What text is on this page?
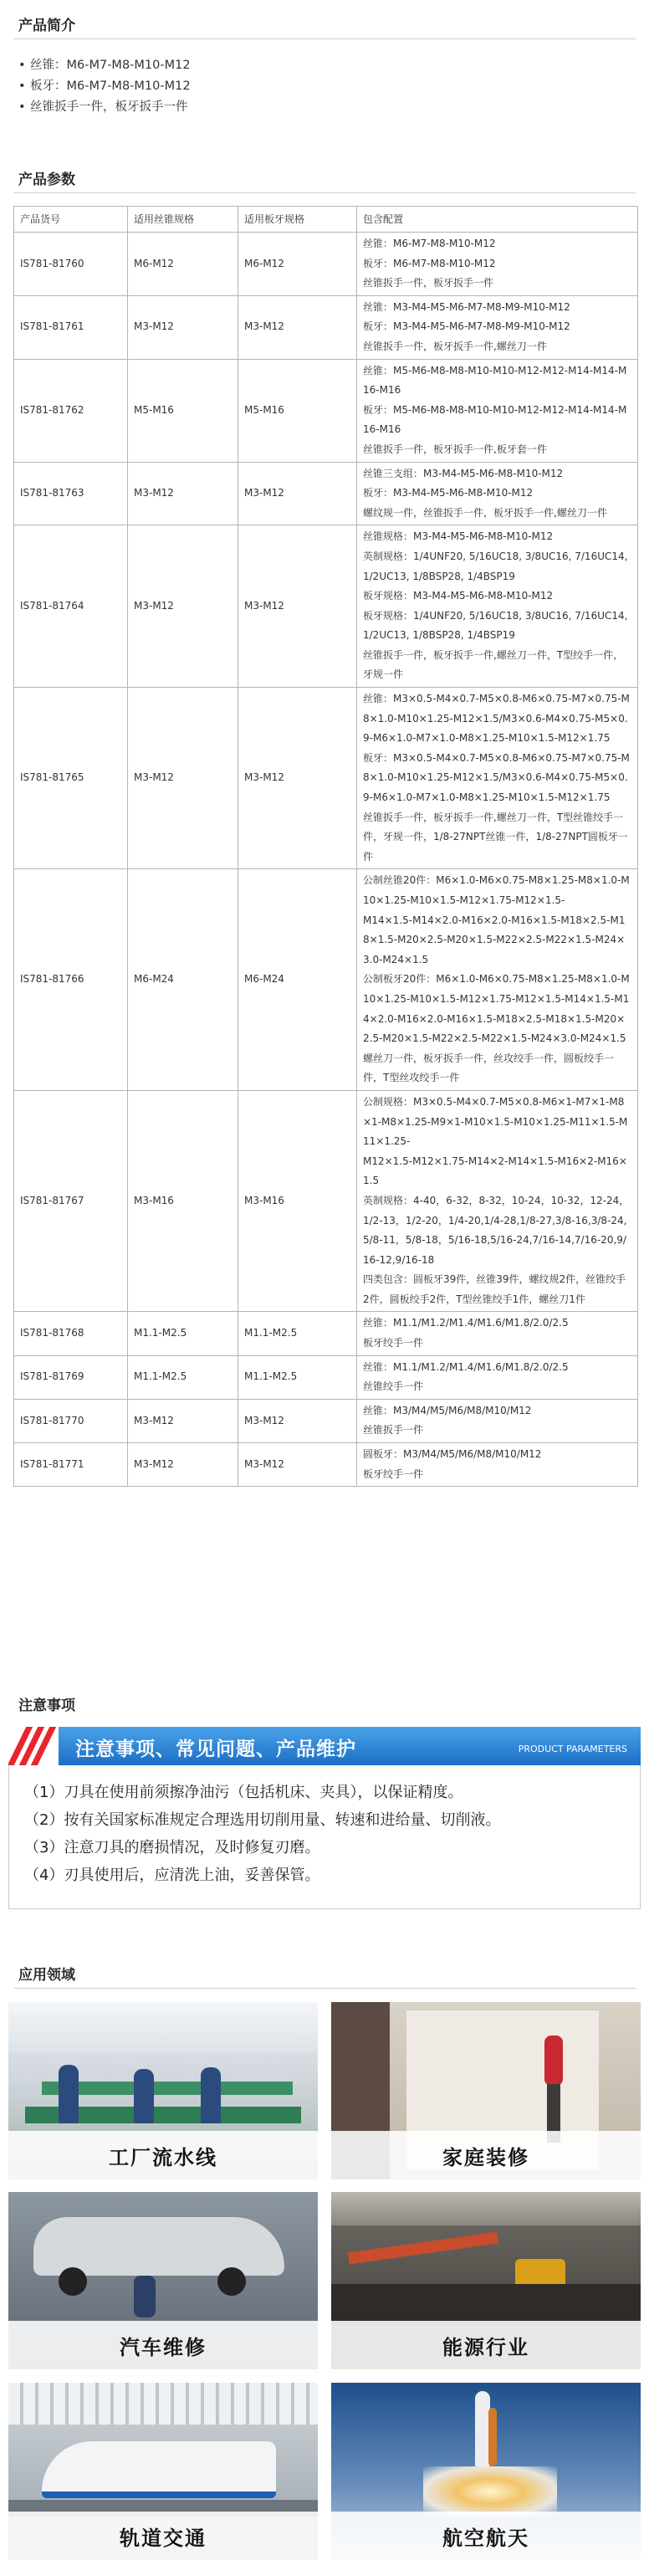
产品简介
• 丝锥：M6-M7-M8-M10-M12
• 板牙：M6-M7-M8-M10-M12
• 丝锥扳手一件，板牙扳手一件
产品参数
产品货号	适用丝锥规格	适用板牙规格	包含配置
IS781-81760	M6-M12	M6-M12	丝锥：M6-M7-M8-M10-M12
板牙：M6-M7-M8-M10-M12
丝锥扳手一件，板牙扳手一件
IS781-81761	M3-M12	M3-M12	丝锥：M3-M4-M5-M6-M7-M8-M9-M10-M12
板牙：M3-M4-M5-M6-M7-M8-M9-M10-M12
丝锥扳手一件，板牙扳手一件,螺丝刀一件
IS781-81762	M5-M16	M5-M16	丝锥：M5-M6-M8-M8-M10-M10-M12-M12-M14-M14-M16-M16
板牙：M5-M6-M8-M8-M10-M10-M12-M12-M14-M14-M16-M16
丝锥扳手一件，板牙扳手一件,板牙套一件
IS781-81763	M3-M12	M3-M12	丝锥三支组：M3-M4-M5-M6-M8-M10-M12
板牙：M3-M4-M5-M6-M8-M10-M12
螺纹规一件，丝锥扳手一件，板牙扳手一件,螺丝刀一件
IS781-81764	M3-M12	M3-M12	丝锥规格：M3-M4-M5-M6-M8-M10-M12
英制规格：1/4UNF20, 5/16UC18, 3/8UC16, 7/16UC14, 1/2UC13, 1/8BSP28, 1/4BSP19
板牙规格：M3-M4-M5-M6-M8-M10-M12
板牙规格：1/4UNF20, 5/16UC18, 3/8UC16, 7/16UC14, 1/2UC13, 1/8BSP28, 1/4BSP19
丝锥扳手一件，板牙扳手一件,螺丝刀一件，T型绞手一件，牙规一件
IS781-81765	M3-M12	M3-M12	丝锥：M3×0.5-M4×0.7-M5×0.8-M6×0.75-M7×0.75-M8×1.0-M10×1.25-M12×1.5/M3×0.6-M4×0.75-M5×0.9-M6×1.0-M7×1.0-M8×1.25-M10×1.5-M12×1.75
板牙：M3×0.5-M4×0.7-M5×0.8-M6×0.75-M7×0.75-M8×1.0-M10×1.25-M12×1.5/M3×0.6-M4×0.75-M5×0.9-M6×1.0-M7×1.0-M8×1.25-M10×1.5-M12×1.75
丝锥扳手一件，板牙扳手一件,螺丝刀一件，T型丝锥绞手一件，牙规一件，1/8-27NPT丝锥一件，1/8-27NPT圆板牙一件
IS781-81766	M6-M24	M6-M24	公制丝锥20件：M6×1.0-M6×0.75-M8×1.25-M8×1.0-M10×1.25-M10×1.5-M12×1.75-M12×1.5-
M14×1.5-M14×2.0-M16×2.0-M16×1.5-M18×2.5-M18×1.5-M20×2.5-M20×1.5-M22×2.5-M22×1.5-M24×3.0-M24×1.5
公制板牙20件：M6×1.0-M6×0.75-M8×1.25-M8×1.0-M10×1.25-M10×1.5-M12×1.75-M12×1.5-M14×1.5-M14×2.0-M16×2.0-M16×1.5-M18×2.5-M18×1.5-M20×2.5-M20×1.5-M22×2.5-M22×1.5-M24×3.0-M24×1.5
螺丝刀一件，板牙扳手一件，丝攻绞手一件，圆板绞手一件，T型丝攻绞手一件
IS781-81767	M3-M16	M3-M16	公制规格：M3×0.5-M4×0.7-M5×0.8-M6×1-M7×1-M8×1-M8×1.25-M9×1-M10×1.5-M10×1.25-M11×1.5-M11×1.25-
M12×1.5-M12×1.75-M14×2-M14×1.5-M16×2-M16×1.5
英制规格：4-40，6-32，8-32，10-24，10-32，12-24，1/2-13，1/2-20，1/4-20,1/4-28,1/8-27,3/8-16,3/8-24,5/8-11，5/8-18，5/16-18,5/16-24,7/16-14,7/16-20,9/16-12,9/16-18
四类包含：圆板牙39件，丝锥39件，螺纹规2件，丝锥绞手2件，圆板绞手2件，T型丝锥绞手1件，螺丝刀1件
IS781-81768	M1.1-M2.5	M1.1-M2.5	丝锥：M1.1/M1.2/M1.4/M1.6/M1.8/2.0/2.5
板牙绞手一件
IS781-81769	M1.1-M2.5	M1.1-M2.5	丝锥：M1.1/M1.2/M1.4/M1.6/M1.8/2.0/2.5
丝锥绞手一件
IS781-81770	M3-M12	M3-M12	丝锥：M3/M4/M5/M6/M8/M10/M12
丝锥扳手一件
IS781-81771	M3-M12	M3-M12	圆板牙：M3/M4/M5/M6/M8/M10/M12
板牙绞手一件
注意事项
注意事项、常见问题、产品维护	PRODUCT PARAMETERS

（1）刀具在使用前须擦净油污（包括机床、夹具），以保证精度。

（2）按有关国家标准规定合理选用切削用量、转速和进给量、切削液。

（3）注意刀具的磨损情况，及时修复刃磨。

（4）刃具使用后，应清洗上油，妥善保管。

应用领域
工厂流水线	家庭装修
汽车维修	能源行业
轨道交通	航空航天
